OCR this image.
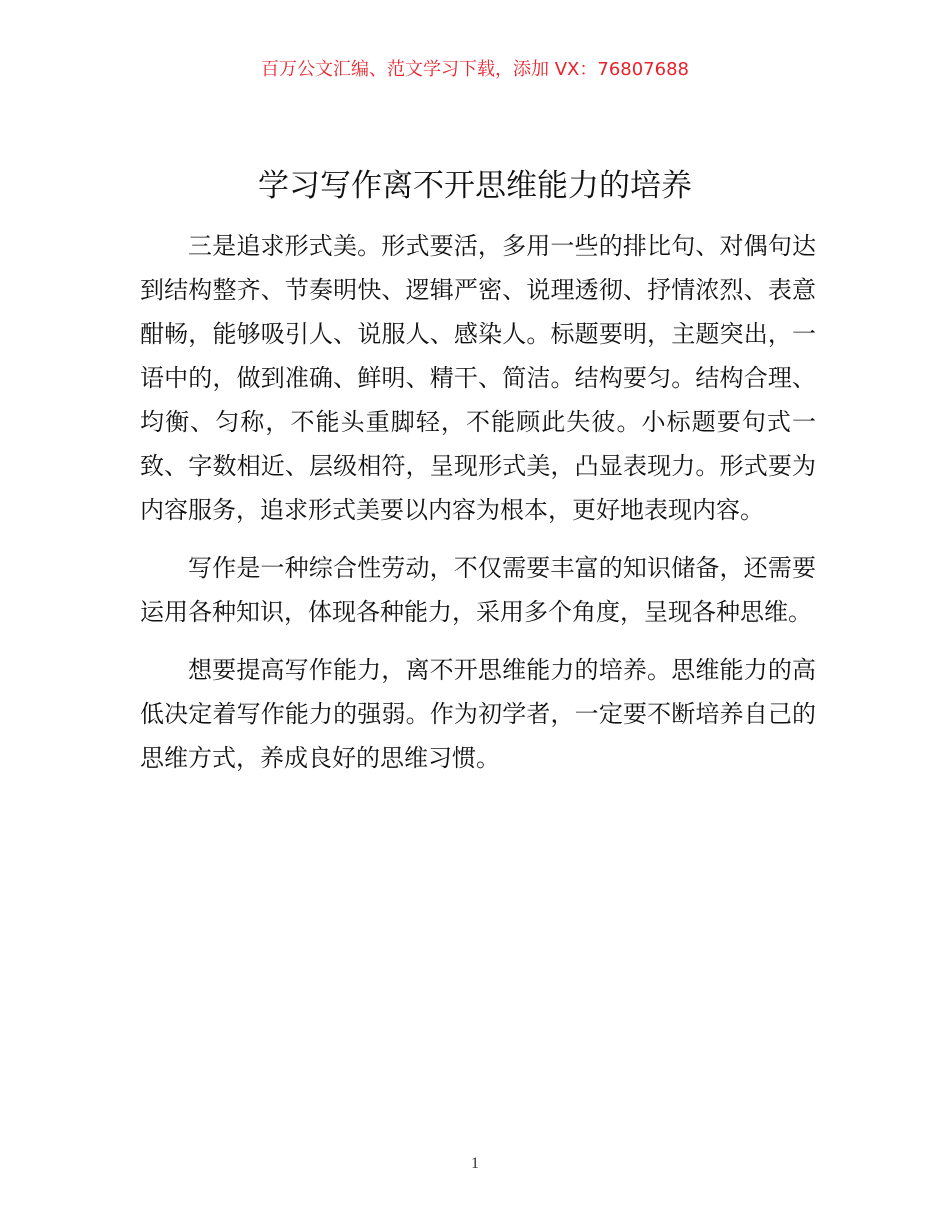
百万公文汇编、范文学习下载，添加 VX：76807688
学习写作离不开思维能力的培养

三是追求形式美。形式要活，多用一些的排比句、对偶句达到结构整齐、节奏明快、逻辑严密、说理透彻、抒情浓烈、表意酣畅，能够吸引人、说服人、感染人。标题要明，主题突出，一语中的，做到准确、鲜明、精干、简洁。结构要匀。结构合理、均衡、匀称，不能头重脚轻，不能顾此失彼。小标题要句式一致、字数相近、层级相符，呈现形式美，凸显表现力。形式要为内容服务，追求形式美要以内容为根本，更好地表现内容。

写作是一种综合性劳动，不仅需要丰富的知识储备，还需要运用各种知识，体现各种能力，采用多个角度，呈现各种思维。

想要提高写作能力，离不开思维能力的培养。思维能力的高低决定着写作能力的强弱。作为初学者，一定要不断培养自己的思维方式，养成良好的思维习惯。

1
